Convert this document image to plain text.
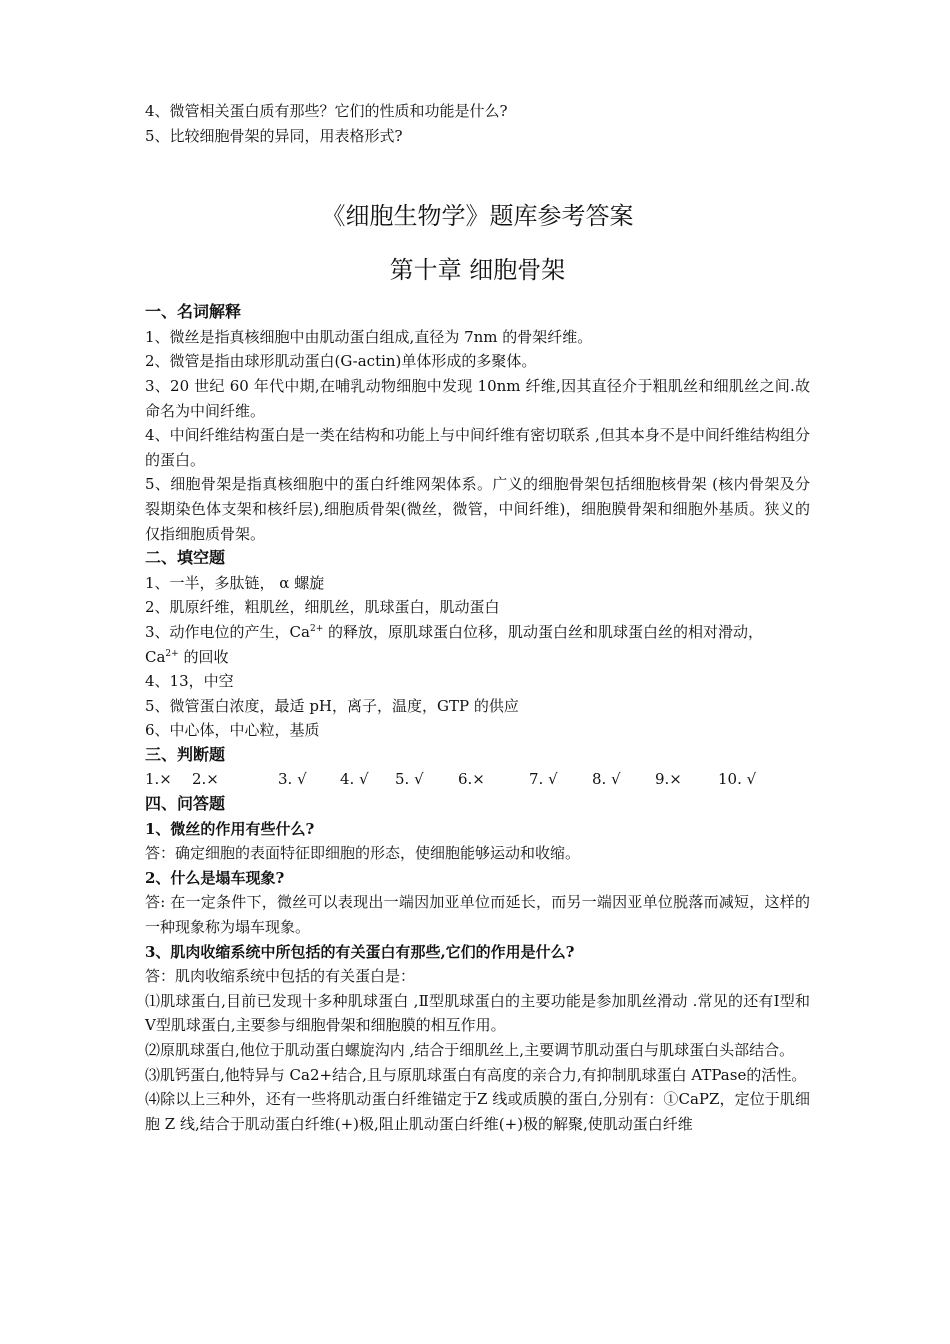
4、微管相关蛋白质有那些？它们的性质和功能是什么?

5、比较细胞骨架的异同，用表格形式?

《细胞生物学》题库参考答案

第十章 细胞骨架

一、名词解释

1、微丝是指真核细胞中由肌动蛋白组成,直径为 7nm 的骨架纤维。

2、微管是指由球形肌动蛋白(G-actin)单体形成的多聚体。

3、20 世纪 60 年代中期,在哺乳动物细胞中发现 10nm 纤维,因其直径介于粗肌丝和细肌丝之间.故命名为中间纤维。

4、中间纤维结构蛋白是一类在结构和功能上与中间纤维有密切联系 ,但其本身不是中间纤维结构组分的蛋白。

5、细胞骨架是指真核细胞中的蛋白纤维网架体系。广义的细胞骨架包括细胞核骨架 (核内骨架及分裂期染色体支架和核纤层),细胞质骨架(微丝，微管，中间纤维)，细胞膜骨架和细胞外基质。狭义的仅指细胞质骨架。

二、填空题

1、一半，多肽链， α 螺旋

2、肌原纤维，粗肌丝，细肌丝，肌球蛋白，肌动蛋白

3、动作电位的产生，$Ca^{2+}$ 的释放，原肌球蛋白位移，肌动蛋白丝和肌球蛋白丝的相对滑动，

$Ca^{2+}$ 的回收

4、13，中空

5、微管蛋白浓度，最适 pH，离子，温度，GTP 的供应

6、中心体，中心粒，基质

三、判断题

1.×	2.×	3. √	4. √	5. √	6.×	7. √	8. √	9.×	10. √

四、问答题

1、微丝的作用有些什么?

答：确定细胞的表面特征即细胞的形态，使细胞能够运动和收缩。

2、什么是塌车现象?

答: 在一定条件下，微丝可以表现出一端因加亚单位而延长，而另一端因亚单位脱落而减短，这样的一种现象称为塌车现象。

3、肌肉收缩系统中所包括的有关蛋白有那些,它们的作用是什么?

答：肌肉收缩系统中包括的有关蛋白是：

⑴肌球蛋白,目前已发现十多种肌球蛋白 ,Ⅱ型肌球蛋白的主要功能是参加肌丝滑动 .常见的还有Ⅰ型和Ⅴ型肌球蛋白,主要参与细胞骨架和细胞膜的相互作用。

⑵原肌球蛋白,他位于肌动蛋白螺旋沟内 ,结合于细肌丝上,主要调节肌动蛋白与肌球蛋白头部结合。

⑶肌钙蛋白,他特异与 Ca2+结合,且与原肌球蛋白有高度的亲合力,有抑制肌球蛋白 ATPase的活性。

⑷除以上三种外，还有一些将肌动蛋白纤维锚定于Z 线或质膜的蛋白,分别有：①CaPZ，定位于肌细胞 Z 线,结合于肌动蛋白纤维(+)极,阻止肌动蛋白纤维(+)极的解聚,使肌动蛋白纤维
